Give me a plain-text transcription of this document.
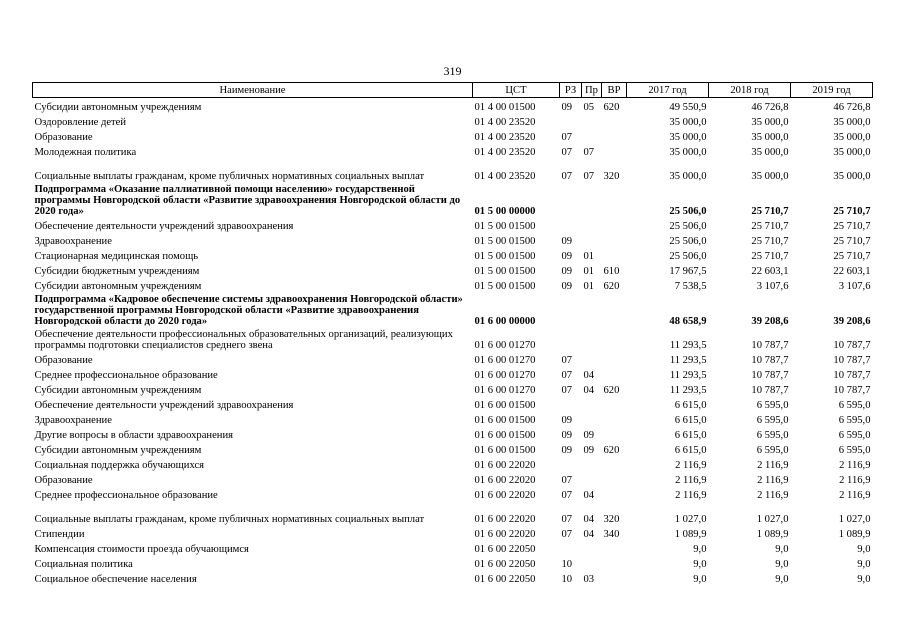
319
Наименование	ЦСТ	РЗ	Пр	ВР	2017 год	2018 год	2019 год
Субсидии автономным учреждениям	01 4 00 01500	09	05	620	49 550,9	46 726,8	46 726,8
Оздоровление детей	01 4 00 23520				35 000,0	35 000,0	35 000,0
Образование	01 4 00 23520	07			35 000,0	35 000,0	35 000,0
Молодежная политика	01 4 00 23520	07	07		35 000,0	35 000,0	35 000,0
Социальные выплаты гражданам, кроме публичных нормативных социальных выплат	01 4 00 23520	07	07	320	35 000,0	35 000,0	35 000,0
Подпрограмма «Оказание паллиативной помощи населению» государственной программы Новгородской области «Развитие здравоохранения Новгородской области до 2020 года»	01 5 00 00000				25 506,0	25 710,7	25 710,7
Обеспечение деятельности учреждений здравоохранения	01 5 00 01500				25 506,0	25 710,7	25 710,7
Здравоохранение	01 5 00 01500	09			25 506,0	25 710,7	25 710,7
Стационарная медицинская помощь	01 5 00 01500	09	01		25 506,0	25 710,7	25 710,7
Субсидии бюджетным учреждениям	01 5 00 01500	09	01	610	17 967,5	22 603,1	22 603,1
Субсидии автономным учреждениям	01 5 00 01500	09	01	620	7 538,5	3 107,6	3 107,6
Подпрограмма «Кадровое обеспечение системы здравоохранения Новгородской области» государственной программы Новгородской области «Развитие здравоохранения Новгородской области до 2020 года»	01 6 00 00000				48 658,9	39 208,6	39 208,6
Обеспечение деятельности профессиональных образовательных организаций, реализующих программы подготовки специалистов среднего звена	01 6 00 01270				11 293,5	10 787,7	10 787,7
Образование	01 6 00 01270	07			11 293,5	10 787,7	10 787,7
Среднее профессиональное образование	01 6 00 01270	07	04		11 293,5	10 787,7	10 787,7
Субсидии автономным учреждениям	01 6 00 01270	07	04	620	11 293,5	10 787,7	10 787,7
Обеспечение деятельности учреждений здравоохранения	01 6 00 01500				6 615,0	6 595,0	6 595,0
Здравоохранение	01 6 00 01500	09			6 615,0	6 595,0	6 595,0
Другие вопросы в области здравоохранения	01 6 00 01500	09	09		6 615,0	6 595,0	6 595,0
Субсидии автономным учреждениям	01 6 00 01500	09	09	620	6 615,0	6 595,0	6 595,0
Социальная поддержка обучающихся	01 6 00 22020				2 116,9	2 116,9	2 116,9
Образование	01 6 00 22020	07			2 116,9	2 116,9	2 116,9
Среднее профессиональное образование	01 6 00 22020	07	04		2 116,9	2 116,9	2 116,9
Социальные выплаты гражданам, кроме публичных нормативных социальных выплат	01 6 00 22020	07	04	320	1 027,0	1 027,0	1 027,0
Стипендии	01 6 00 22020	07	04	340	1 089,9	1 089,9	1 089,9
Компенсация стоимости проезда обучающимся	01 6 00 22050				9,0	9,0	9,0
Социальная политика	01 6 00 22050	10			9,0	9,0	9,0
Социальное обеспечение населения	01 6 00 22050	10	03		9,0	9,0	9,0
